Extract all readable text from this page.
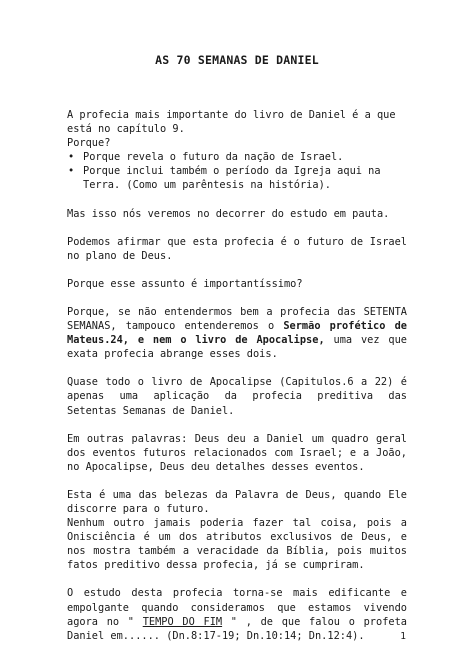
AS 70 SEMANAS DE DANIEL
A profecia mais importante do livro de Daniel é a que está no capítulo 9.
Porque?
• Porque revela o futuro da nação de Israel.
• Porque inclui também o período da Igreja aqui na Terra. (Como um parêntesis na história).

Mas isso nós veremos no decorrer do estudo em pauta.

Podemos afirmar que esta profecia é o futuro de Israel no plano de Deus.

Porque esse assunto é importantíssimo?

Porque, se não entendermos bem a profecia das SETENTA SEMANAS, tampouco entenderemos o Sermão profético de Mateus.24, e nem o livro de Apocalipse, uma vez que exata profecia abrange esses dois.

Quase todo o livro de Apocalipse (Capitulos.6 a 22) é apenas uma aplicação da profecia preditiva das Setentas Semanas de Daniel.

Em outras palavras: Deus deu a Daniel um quadro geral dos eventos futuros relacionados com Israel; e a João, no Apocalipse, Deus deu detalhes desses eventos.

Esta é uma das belezas da Palavra de Deus, quando Ele discorre para o futuro.
Nenhum outro jamais poderia fazer tal coisa, pois a Onisciência é um dos atributos exclusivos de Deus, e nos mostra também a veracidade da Bíblia, pois muitos fatos preditivo dessa profecia, já se cumpriram.

O estudo desta profecia torna-se mais edificante e empolgante quando consideramos que estamos vivendo agora no " TEMPO DO FIM " , de que falou o profeta Daniel em...... (Dn.8:17-19; Dn.10:14; Dn.12:4).	1
